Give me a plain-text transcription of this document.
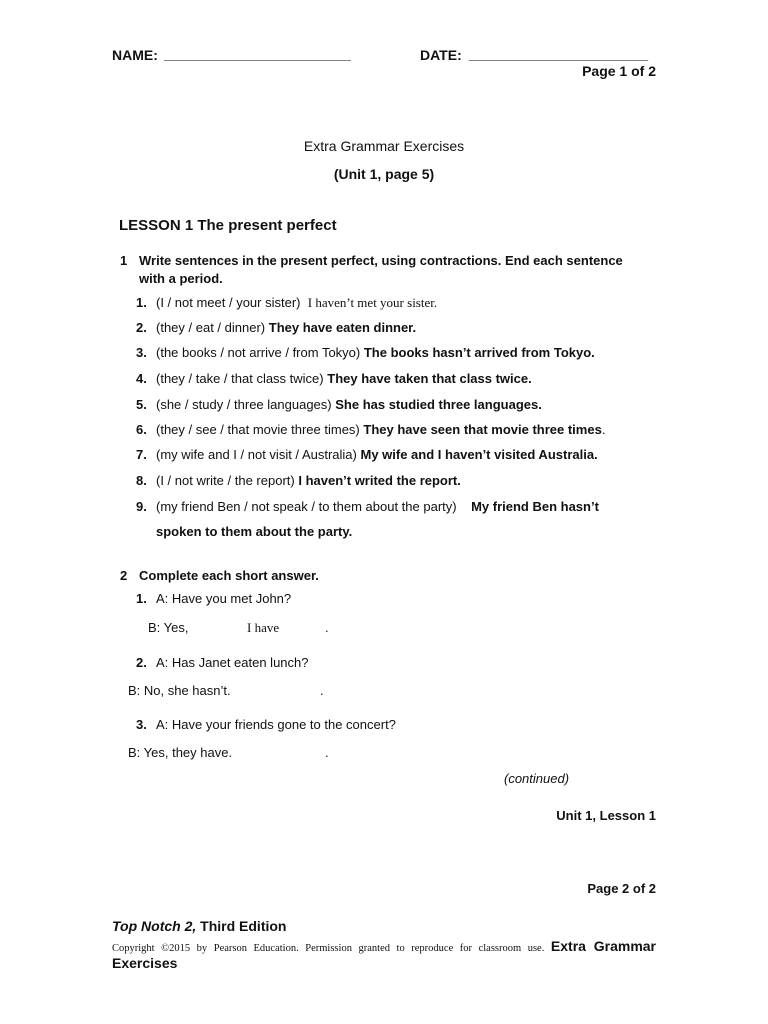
NAME: ________________________	DATE: _______________________
Page 1 of 2
Extra Grammar Exercises
(Unit 1, page 5)
LESSON 1 The present perfect
1 Write sentences in the present perfect, using contractions. End each sentence
with a period.
1. (I / not meet / your sister) I haven’t met your sister.
2. (they / eat / dinner) They have eaten dinner.
3. (the books / not arrive / from Tokyo) The books hasn’t arrived from Tokyo.
4. (they / take / that class twice) They have taken that class twice.
5. (she / study / three languages) She has studied three languages.
6. (they / see / that movie three times) They have seen that movie three times.
7. (my wife and I / not visit / Australia) My wife and I haven’t visited Australia.
8. (I / not write / the report) I haven’t writed the report.
9. (my friend Ben / not speak / to them about the party) My friend Ben hasn’t
spoken to them about the party.
2 Complete each short answer.
1. A: Have you met John?
B: Yes,	I have	.
2. A: Has Janet eaten lunch?
B: No, she hasn’t.	.
3. A: Have your friends gone to the concert?
B: Yes, they have.	.
(continued)
Unit 1, Lesson 1
Page 2 of 2
Top Notch 2, Third Edition
Copyright ©2015 by Pearson Education. Permission granted to reproduce for classroom use. Extra Grammar
Exercises
